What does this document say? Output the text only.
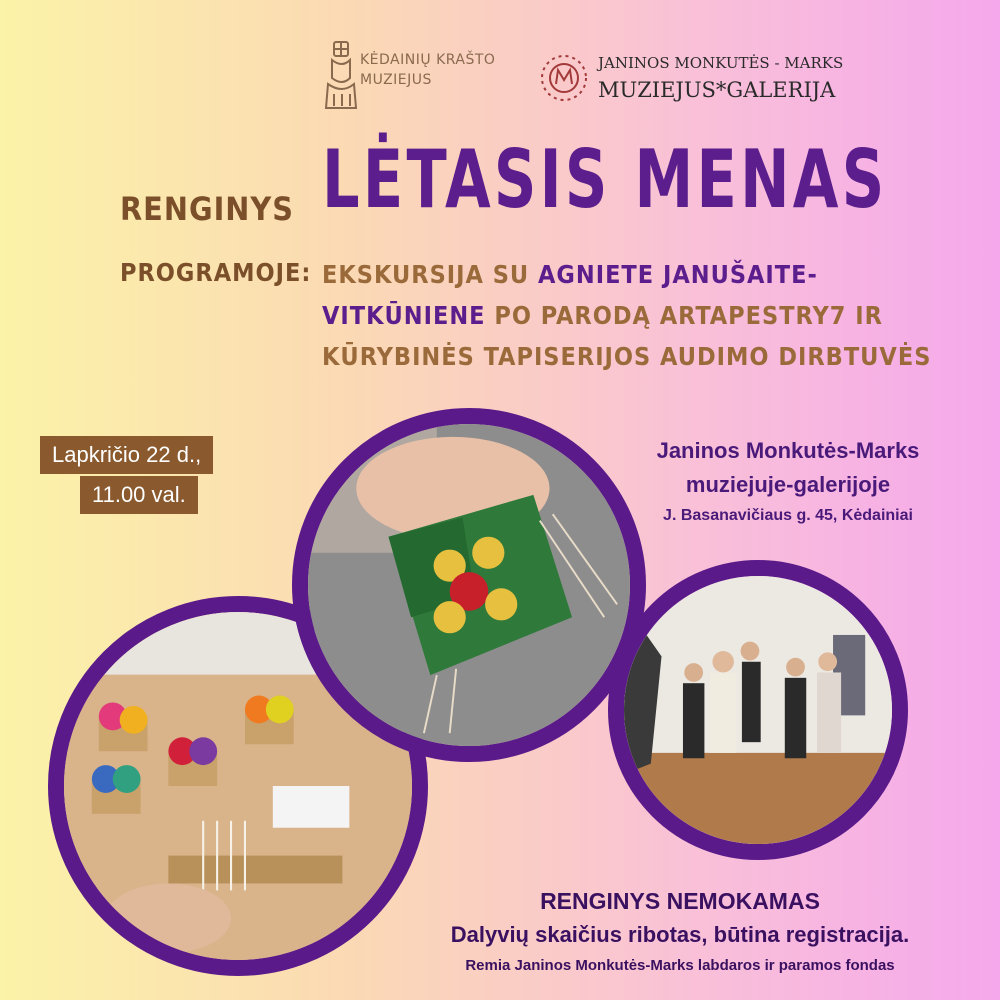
KĖDAINIŲ KRAŠTO
MUZIEJUS
JANINOS MONKUTĖS - MARKS
MUZIEJUS*GALERIJA
RENGINYS LĖTASIS MENAS
PROGRAMOJE: EKSKURSIJA SU AGNIETE JANUŠAITE-VITKŪNIENE PO PARODĄ ARTAPESTRY7 IR KŪRYBINĖS TAPISERIJOS AUDIMO DIRBTUVĖS
Lapkričio 22 d.,
11.00 val.
Janinos Monkutės-Marks
muziejuje-galerijoje
J. Basanavičiaus g. 45, Kėdainiai
RENGINYS NEMOKAMAS
Dalyvių skaičius ribotas, būtina registracija.
Remia Janinos Monkutės-Marks labdaros ir paramos fondas
